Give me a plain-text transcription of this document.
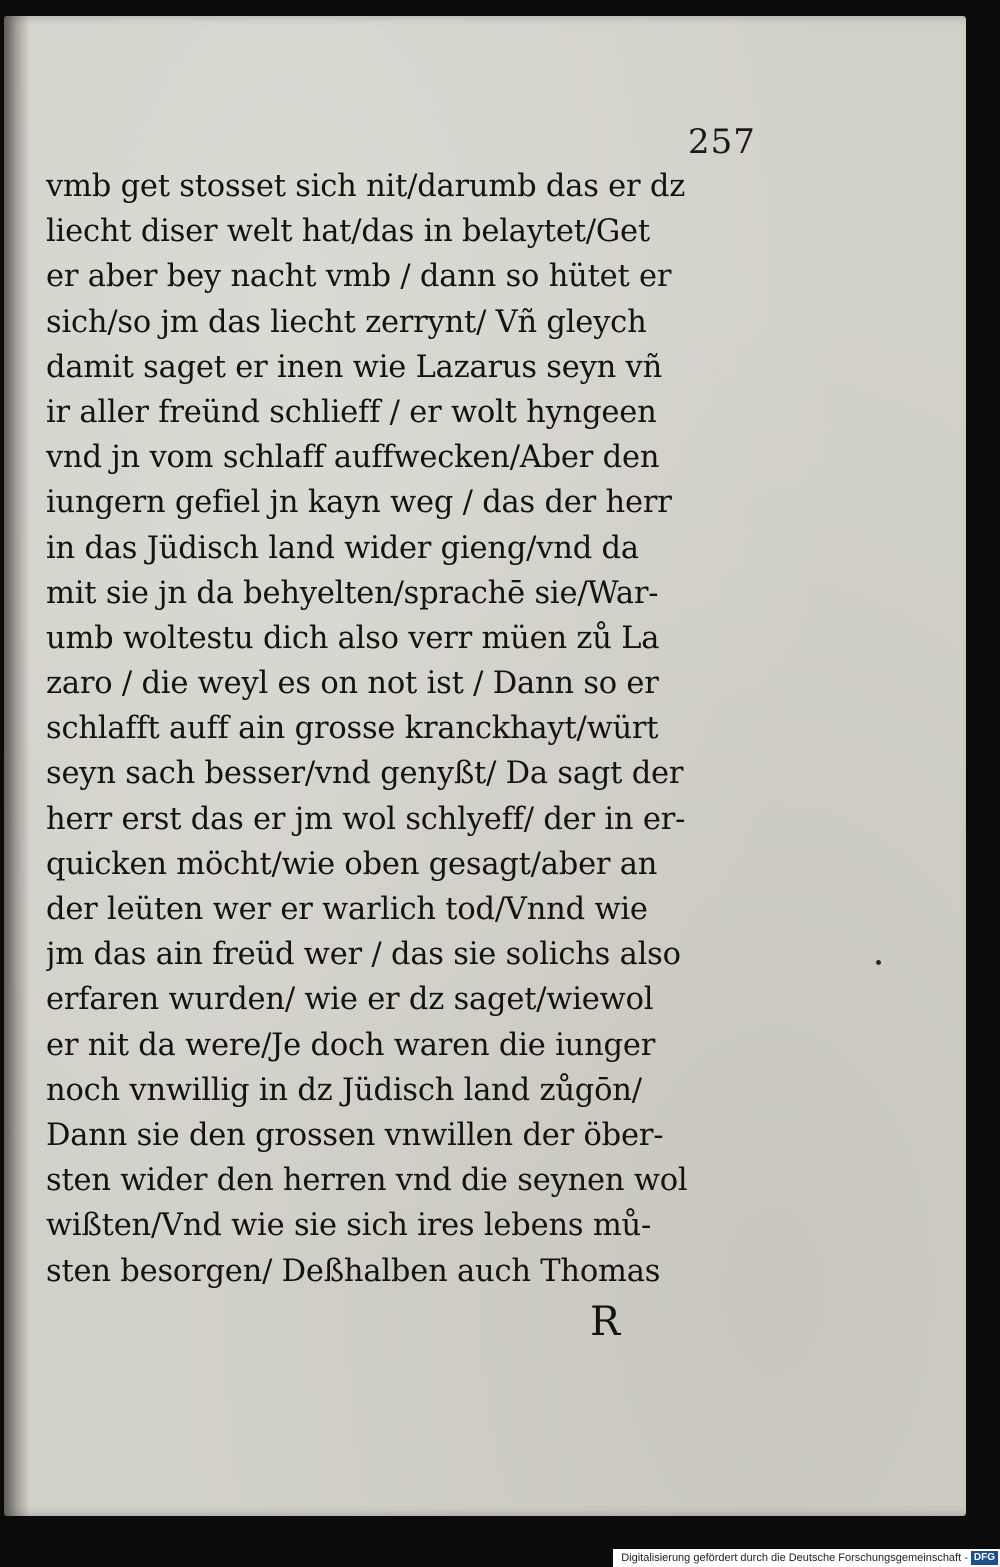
257
vmb get stosset sich nit/darumb das er dz
liecht diser welt hat/das in belaytet/Get
er aber bey nacht vmb / dann so hütet er
sich/so jm das liecht zerrynt/ Vñ gleych
damit saget er inen wie Lazarus seyn vñ
ir aller freünd schlieff / er wolt hyngeen
vnd jn vom schlaff auffwecken/Aber den
iungern gefiel jn kayn weg / das der herr
in das Jüdisch land wider gieng/vnd da
mit sie jn da behyelten/sprachē sie/War-
umb woltestu dich also verr müen zů La
zaro / die weyl es on not ist / Dann so er
schlafft auff ain grosse kranckhayt/würt
seyn sach besser/vnd genyßt/ Da sagt der
herr erst das er jm wol schlyeff/ der in er-
quicken möcht/wie oben gesagt/aber an
der leüten wer er warlich tod/Vnnd wie
jm das ain freüd wer / das sie solichs also
erfaren wurden/ wie er dz saget/wiewol
er nit da were/Je doch waren die iunger
noch vnwillig in dz Jüdisch land zůgōn/
Dann sie den grossen vnwillen der öber-
sten wider den herren vnd die seynen wol
wißten/Vnd wie sie sich ires lebens mů-
sten besorgen/ Deßhalben auch Thomas
R
Digitalisierung gefördert durch die Deutsche Forschungsgemeinschaft - DFG
